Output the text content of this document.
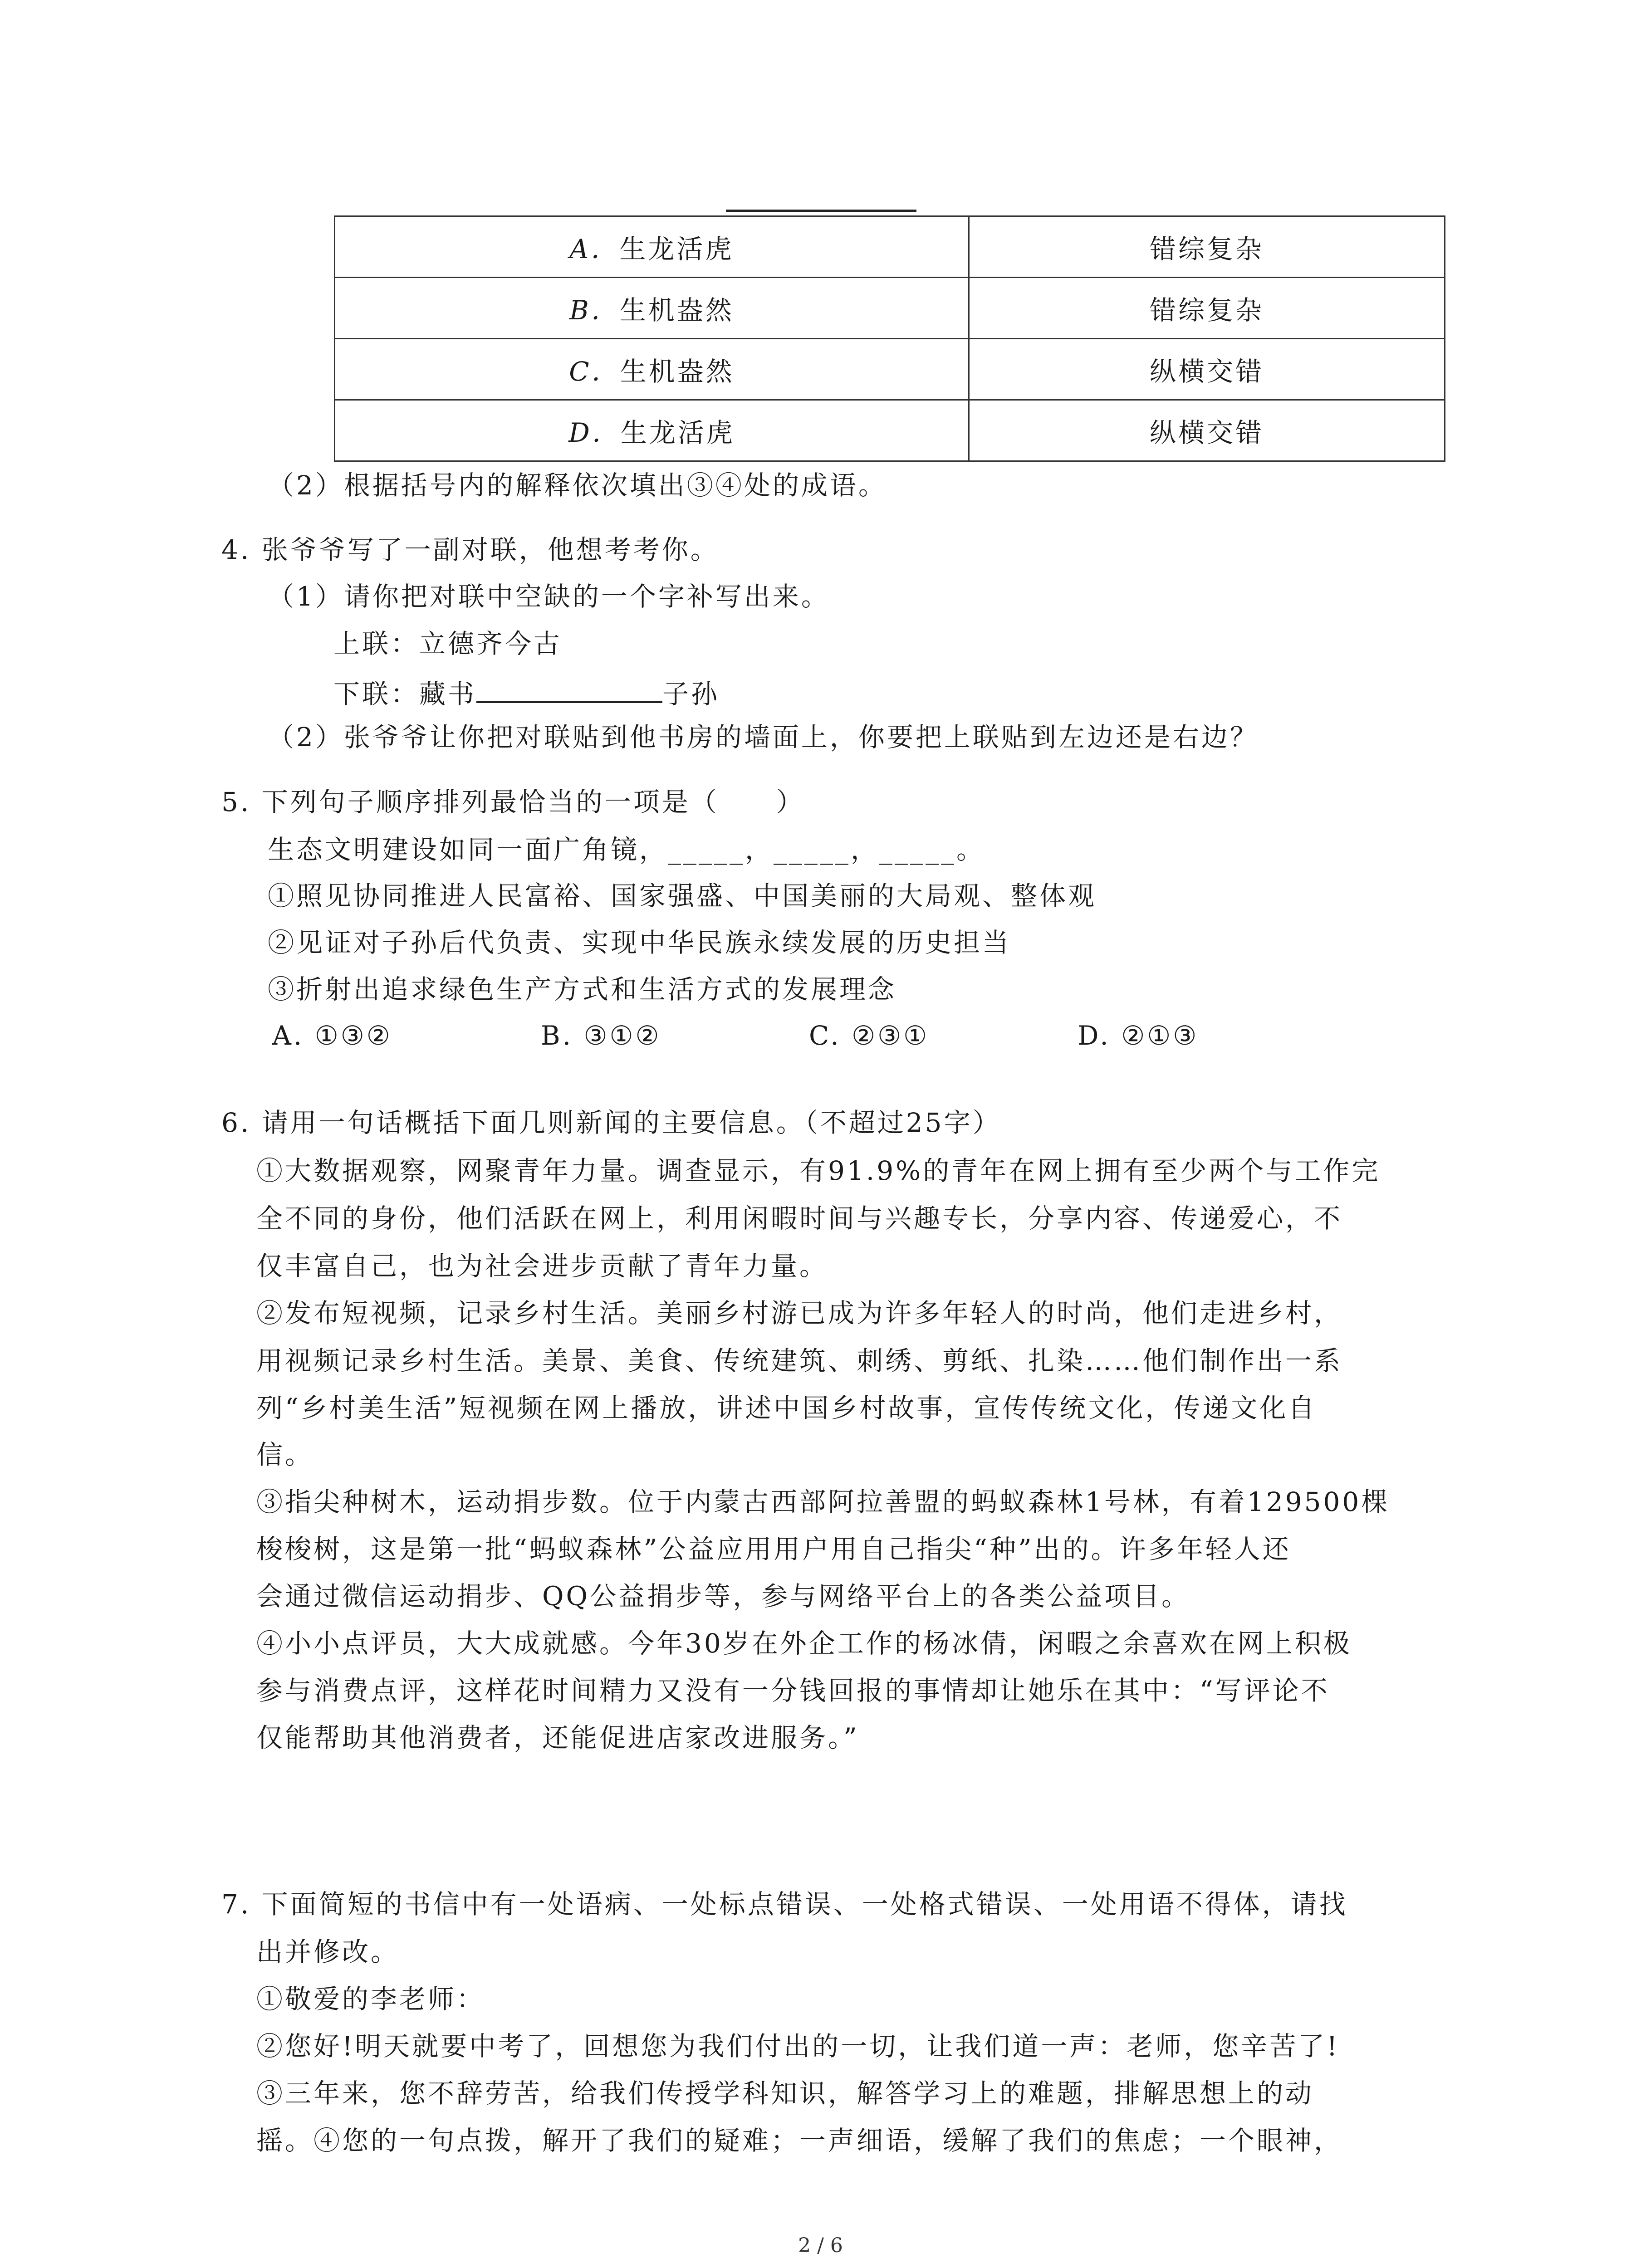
A．生龙活虎	错综复杂
B．生机盎然	错综复杂
C．生机盎然	纵横交错
D．生龙活虎	纵横交错
（2）根据括号内的解释依次填出③④处的成语。
4. 张爷爷写了一副对联，他想考考你。
（1）请你把对联中空缺的一个字补写出来。
上联：立德齐今古
下联：藏书	子孙
（2）张爷爷让你把对联贴到他书房的墙面上，你要把上联贴到左边还是右边？
5. 下列句子顺序排列最恰当的一项是（　　）
生态文明建设如同一面广角镜，_____，_____，_____。
①照见协同推进人民富裕、国家强盛、中国美丽的大局观、整体观
②见证对子孙后代负责、实现中华民族永续发展的历史担当
③折射出追求绿色生产方式和生活方式的发展理念
A. ①③②	B. ③①②	C. ②③①	D. ②①③
6. 请用一句话概括下面几则新闻的主要信息。（不超过25字）
①大数据观察，网聚青年力量。调查显示，有91.9%的青年在网上拥有至少两个与工作完
全不同的身份，他们活跃在网上，利用闲暇时间与兴趣专长，分享内容、传递爱心，不
仅丰富自己，也为社会进步贡献了青年力量。
②发布短视频，记录乡村生活。美丽乡村游已成为许多年轻人的时尚，他们走进乡村，
用视频记录乡村生活。美景、美食、传统建筑、刺绣、剪纸、扎染……他们制作出一系
列“乡村美生活”短视频在网上播放，讲述中国乡村故事，宣传传统文化，传递文化自
信。
③指尖种树木，运动捐步数。位于内蒙古西部阿拉善盟的蚂蚁森林1号林，有着129500棵
梭梭树，这是第一批“蚂蚁森林”公益应用用户用自己指尖“种”出的。许多年轻人还
会通过微信运动捐步、QQ公益捐步等，参与网络平台上的各类公益项目。
④小小点评员，大大成就感。今年30岁在外企工作的杨冰倩，闲暇之余喜欢在网上积极
参与消费点评，这样花时间精力又没有一分钱回报的事情却让她乐在其中：“写评论不
仅能帮助其他消费者，还能促进店家改进服务。”
7. 下面简短的书信中有一处语病、一处标点错误、一处格式错误、一处用语不得体，请找
出并修改。
①敬爱的李老师：
②您好!明天就要中考了，回想您为我们付出的一切，让我们道一声：老师，您辛苦了!
③三年来，您不辞劳苦，给我们传授学科知识，解答学习上的难题，排解思想上的动
摇。④您的一句点拨，解开了我们的疑难；一声细语，缓解了我们的焦虑；一个眼神，
2 / 6
